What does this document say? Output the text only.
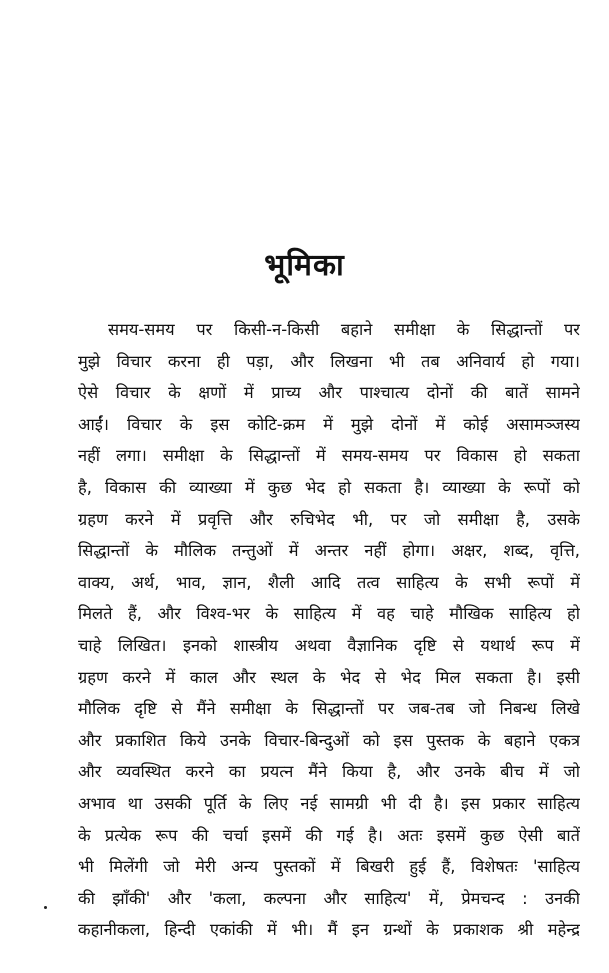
भूमिका
समय-समय पर किसी-न-किसी बहाने समीक्षा के सिद्धान्तों पर
मुझे विचार करना ही पड़ा, और लिखना भी तब अनिवार्य हो गया।
ऐसे विचार के क्षणों में प्राच्य और पाश्चात्य दोनों की बातें सामने
आईं। विचार के इस कोटि-क्रम में मुझे दोनों में कोई असामञ्जस्य
नहीं लगा। समीक्षा के सिद्धान्तों में समय-समय पर विकास हो सकता
है, विकास की व्याख्या में कुछ भेद हो सकता है। व्याख्या के रूपों को
ग्रहण करने में प्रवृत्ति और रुचिभेद भी, पर जो समीक्षा है, उसके
सिद्धान्तों के मौलिक तन्तुओं में अन्तर नहीं होगा। अक्षर, शब्द, वृत्ति,
वाक्य, अर्थ, भाव, ज्ञान, शैली आदि तत्व साहित्य के सभी रूपों में
मिलते हैं, और विश्व-भर के साहित्य में वह चाहे मौखिक साहित्य हो
चाहे लिखित। इनको शास्त्रीय अथवा वैज्ञानिक दृष्टि से यथार्थ रूप में
ग्रहण करने में काल और स्थल के भेद से भेद मिल सकता है। इसी
मौलिक दृष्टि से मैंने समीक्षा के सिद्धान्तों पर जब-तब जो निबन्ध लिखे
और प्रकाशित किये उनके विचार-बिन्दुओं को इस पुस्तक के बहाने एकत्र
और व्यवस्थित करने का प्रयत्न मैंने किया है, और उनके बीच में जो
अभाव था उसकी पूर्ति के लिए नई सामग्री भी दी है। इस प्रकार साहित्य
के प्रत्येक रूप की चर्चा इसमें की गई है। अतः इसमें कुछ ऐसी बातें
भी मिलेंगी जो मेरी अन्य पुस्तकों में बिखरी हुई हैं, विशेषतः 'साहित्य
की झाँकी' और 'कला, कल्पना और साहित्य' में, प्रेमचन्द : उनकी
कहानीकला, हिन्दी एकांकी में भी। मैं इन ग्रन्थों के प्रकाशक श्री महेन्द्र
